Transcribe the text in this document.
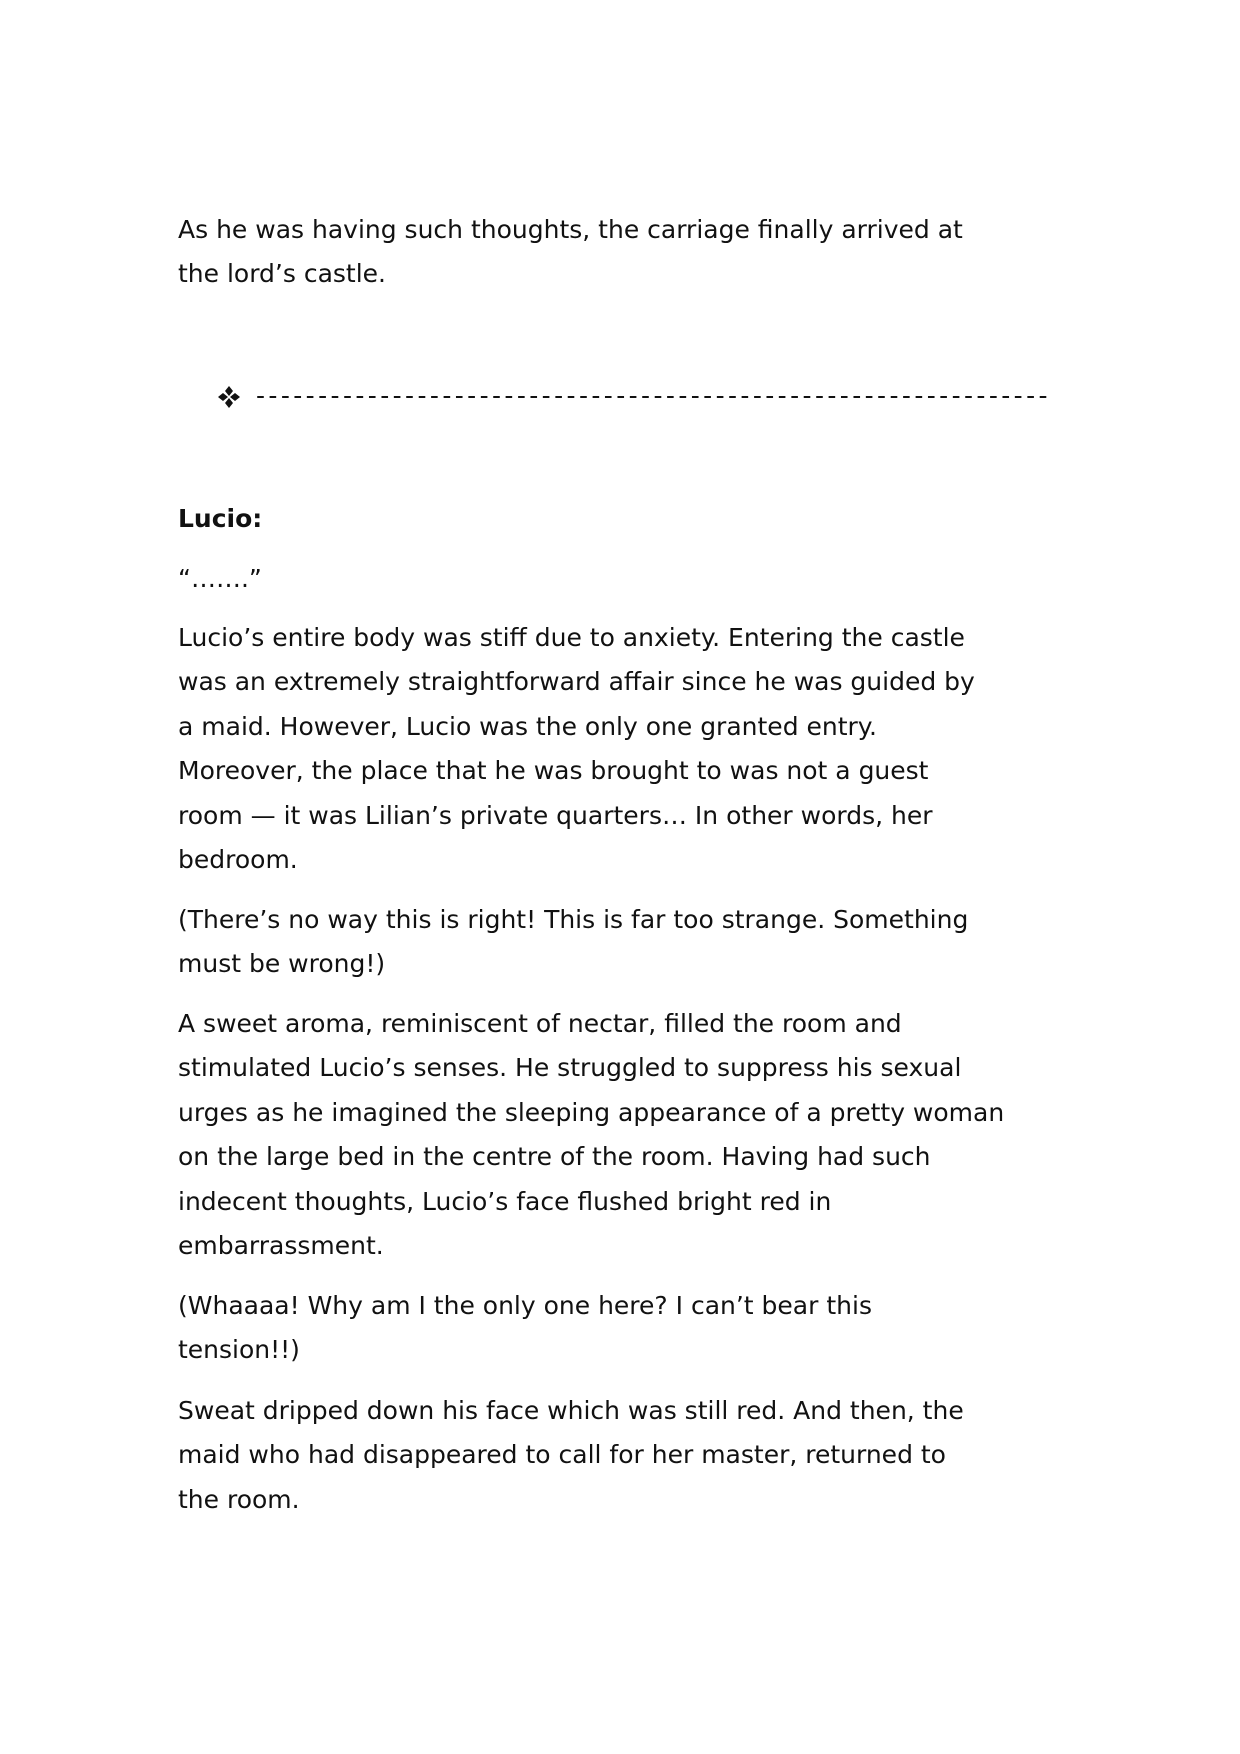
As he was having such thoughts, the carriage finally arrived at
the lord’s castle.
----------------------------------------------------------------
Lucio:
“…….”
Lucio’s entire body was stiff due to anxiety. Entering the castle
was an extremely straightforward affair since he was guided by
a maid. However, Lucio was the only one granted entry.
Moreover, the place that he was brought to was not a guest
room — it was Lilian’s private quarters… In other words, her
bedroom.
(There’s no way this is right! This is far too strange. Something
must be wrong!)
A sweet aroma, reminiscent of nectar, filled the room and
stimulated Lucio’s senses. He struggled to suppress his sexual
urges as he imagined the sleeping appearance of a pretty woman
on the large bed in the centre of the room. Having had such
indecent thoughts, Lucio’s face flushed bright red in
embarrassment.
(Whaaaa! Why am I the only one here? I can’t bear this
tension!!)
Sweat dripped down his face which was still red. And then, the
maid who had disappeared to call for her master, returned to
the room.
